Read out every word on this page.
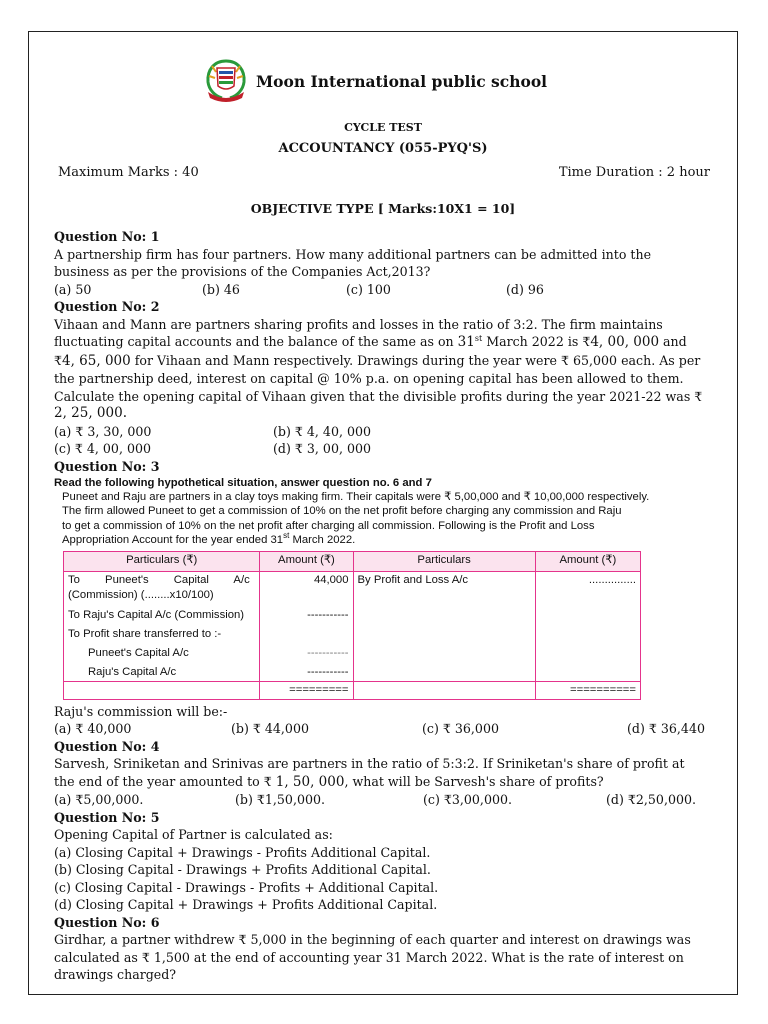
Moon International public school
CYCLE TEST
ACCOUNTANCY (055-PYQ'S)
Maximum Marks : 40	Time Duration : 2 hour
OBJECTIVE TYPE [ Marks:10X1 = 10]
Question No: 1
A partnership firm has four partners. How many additional partners can be admitted into the
business as per the provisions of the Companies Act,2013?
(a) 50	(b) 46	(c) 100	(d) 96
Question No: 2
Vihaan and Mann are partners sharing profits and losses in the ratio of 3:2. The firm maintains
fluctuating capital accounts and the balance of the same as on 31st March 2022 is ₹4, 00, 000 and
₹4, 65, 000 for Vihaan and Mann respectively. Drawings during the year were ₹ 65,000 each. As per
the partnership deed, interest on capital @ 10% p.a. on opening capital has been allowed to them.
Calculate the opening capital of Vihaan given that the divisible profits during the year 2021-22 was ₹
2, 25, 000.
(a) ₹ 3, 30, 000	(b) ₹ 4, 40, 000
(c) ₹ 4, 00, 000	(d) ₹ 3, 00, 000
Question No: 3
Read the following hypothetical situation, answer question no. 6 and 7
Puneet and Raju are partners in a clay toys making firm. Their capitals were ₹ 5,00,000 and ₹ 10,00,000 respectively.
The firm allowed Puneet to get a commission of 10% on the net profit before charging any commission and Raju
to get a commission of 10% on the net profit after charging all commission. Following is the Profit and Loss
Appropriation Account for the year ended 31st March 2022.
Particulars (₹)	Amount (₹)	Particulars	Amount (₹)

To        Puneet's        Capital        A/c
(Commission) (........x10/100)	44,000	By Profit and Loss A/c	...............
To Raju's Capital A/c (Commission)	-----------		
To Profit share transferred to :-			
Puneet's Capital A/c	-----------		
Raju's Capital A/c	-----------		
	=========		==========
Raju's commission will be:-
(a) ₹ 40,000	(b) ₹ 44,000	(c) ₹ 36,000	(d) ₹ 36,440
Question No: 4
Sarvesh, Sriniketan and Srinivas are partners in the ratio of 5:3:2. If Sriniketan's share of profit at
the end of the year amounted to ₹ 1, 50, 000, what will be Sarvesh's share of profits?
(a) ₹5,00,000.	(b) ₹1,50,000.	(c) ₹3,00,000.	(d) ₹2,50,000.
Question No: 5
Opening Capital of Partner is calculated as:
(a) Closing Capital + Drawings - Profits Additional Capital.
(b) Closing Capital - Drawings + Profits Additional Capital.
(c) Closing Capital - Drawings - Profits + Additional Capital.
(d) Closing Capital + Drawings + Profits Additional Capital.
Question No: 6
Girdhar, a partner withdrew ₹ 5,000 in the beginning of each quarter and interest on drawings was
calculated as ₹ 1,500 at the end of accounting year 31 March 2022. What is the rate of interest on
drawings charged?
